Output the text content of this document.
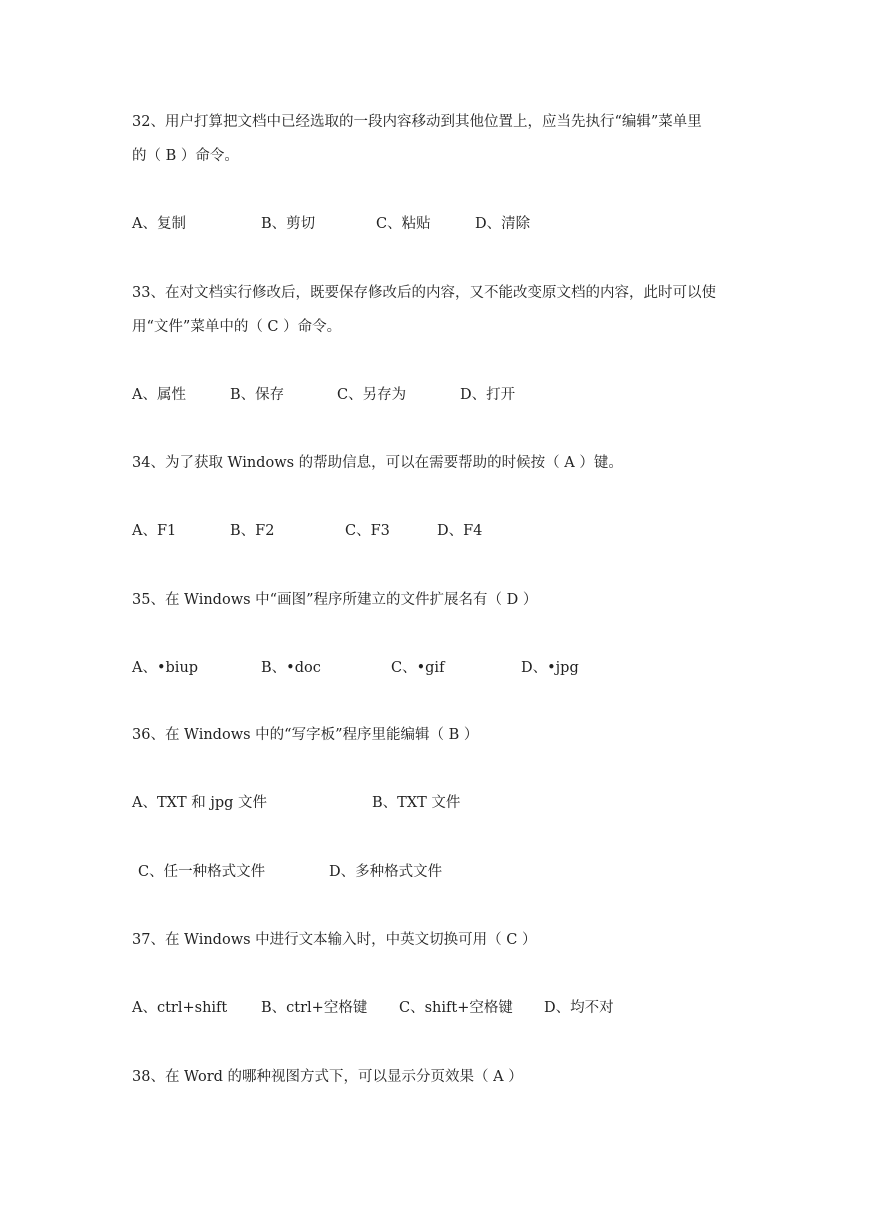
32、用户打算把文档中已经选取的一段内容移动到其他位置上，应当先执行“编辑”菜单里
的（ B ）命令。
A、复制	B、剪切	C、粘贴	D、清除
33、在对文档实行修改后，既要保存修改后的内容，又不能改变原文档的内容，此时可以使
用“文件”菜单中的（ C ）命令。
A、属性	B、保存	C、另存为	D、打开
34、为了获取 Windows 的帮助信息，可以在需要帮助的时候按（ A ）键。
A、F1	B、F2	C、F3	D、F4
35、在 Windows 中“画图”程序所建立的文件扩展名有（ D ）
A、•biup	B、•doc	C、•gif	D、•jpg
36、在 Windows 中的“写字板”程序里能编辑（ B ）
A、TXT 和 jpg 文件	B、TXT 文件
C、任一种格式文件	D、多种格式文件
37、在 Windows 中进行文本输入时，中英文切换可用（ C ）
A、ctrl+shift B、ctrl+空格键 C、shift+空格键 D、均不对
38、在 Word 的哪种视图方式下，可以显示分页效果（ A ）
